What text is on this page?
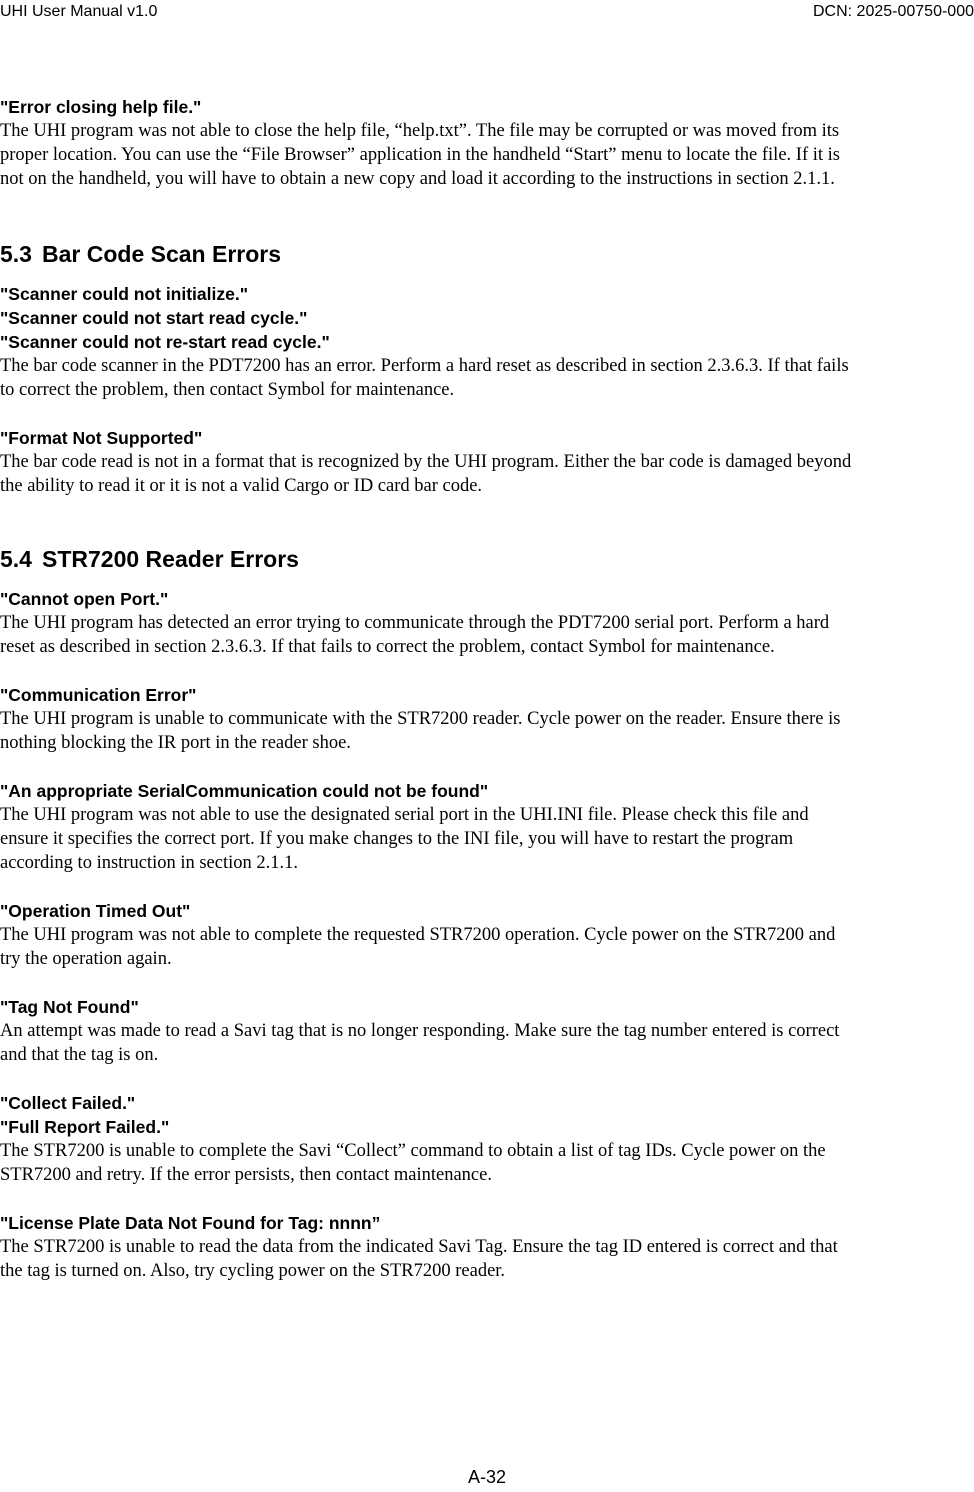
UHI User Manual v1.0	DCN: 2025-00750-000

"Error closing help file."

The UHI program was not able to close the help file, “help.txt”. The file may be corrupted or was moved from its

proper location. You can use the “File Browser” application in the handheld “Start” menu to locate the file. If it is

not on the handheld, you will have to obtain a new copy and load it according to the instructions in section 2.1.1.

5.3 Bar Code Scan Errors

"Scanner could not initialize."

"Scanner could not start read cycle."

"Scanner could not re-start read cycle."

The bar code scanner in the PDT7200 has an error. Perform a hard reset as described in section 2.3.6.3. If that fails

to correct the problem, then contact Symbol for maintenance.

"Format Not Supported"

The bar code read is not in a format that is recognized by the UHI program. Either the bar code is damaged beyond

the ability to read it or it is not a valid Cargo or ID card bar code.

5.4 STR7200 Reader Errors

"Cannot open Port."

The UHI program has detected an error trying to communicate through the PDT7200 serial port. Perform a hard

reset as described in section 2.3.6.3. If that fails to correct the problem, contact Symbol for maintenance.

"Communication Error"

The UHI program is unable to communicate with the STR7200 reader. Cycle power on the reader. Ensure there is

nothing blocking the IR port in the reader shoe.

"An appropriate SerialCommunication could not be found"

The UHI program was not able to use the designated serial port in the UHI.INI file. Please check this file and

ensure it specifies the correct port. If you make changes to the INI file, you will have to restart the program

according to instruction in section 2.1.1.

"Operation Timed Out"

The UHI program was not able to complete the requested STR7200 operation. Cycle power on the STR7200 and

try the operation again.

"Tag Not Found"

An attempt was made to read a Savi tag that is no longer responding. Make sure the tag number entered is correct

and that the tag is on.

"Collect Failed."

"Full Report Failed."

The STR7200 is unable to complete the Savi “Collect” command to obtain a list of tag IDs. Cycle power on the

STR7200 and retry. If the error persists, then contact maintenance.

"License Plate Data Not Found for Tag: nnnn”

The STR7200 is unable to read the data from the indicated Savi Tag. Ensure the tag ID entered is correct and that

the tag is turned on. Also, try cycling power on the STR7200 reader.

A-32
